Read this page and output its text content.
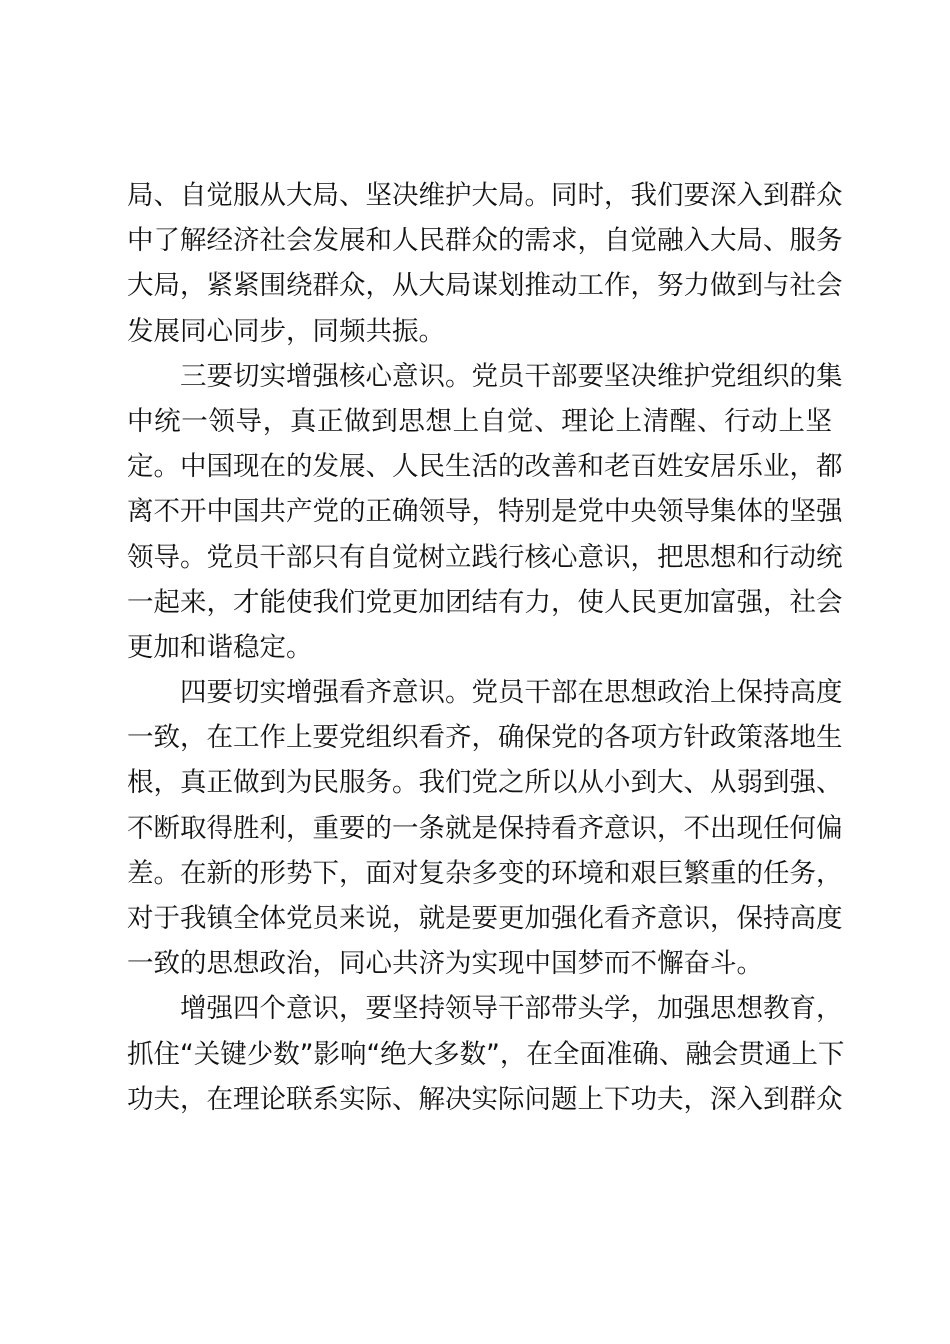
局、自觉服从大局、坚决维护大局。同时，我们要深入到群众
中了解经济社会发展和人民群众的需求，自觉融入大局、服务
大局，紧紧围绕群众，从大局谋划推动工作，努力做到与社会
发展同心同步，同频共振。
三要切实增强核心意识。党员干部要坚决维护党组织的集
中统一领导，真正做到思想上自觉、理论上清醒、行动上坚
定。中国现在的发展、人民生活的改善和老百姓安居乐业，都
离不开中国共产党的正确领导，特别是党中央领导集体的坚强
领导。党员干部只有自觉树立践行核心意识，把思想和行动统
一起来，才能使我们党更加团结有力，使人民更加富强，社会
更加和谐稳定。
四要切实增强看齐意识。党员干部在思想政治上保持高度
一致，在工作上要党组织看齐，确保党的各项方针政策落地生
根，真正做到为民服务。我们党之所以从小到大、从弱到强、
不断取得胜利，重要的一条就是保持看齐意识，不出现任何偏
差。在新的形势下，面对复杂多变的环境和艰巨繁重的任务，
对于我镇全体党员来说，就是要更加强化看齐意识，保持高度
一致的思想政治，同心共济为实现中国梦而不懈奋斗。
增强四个意识，要坚持领导干部带头学，加强思想教育，
抓住“关键少数”影响“绝大多数”，在全面准确、融会贯通上下
功夫，在理论联系实际、解决实际问题上下功夫，深入到群众
